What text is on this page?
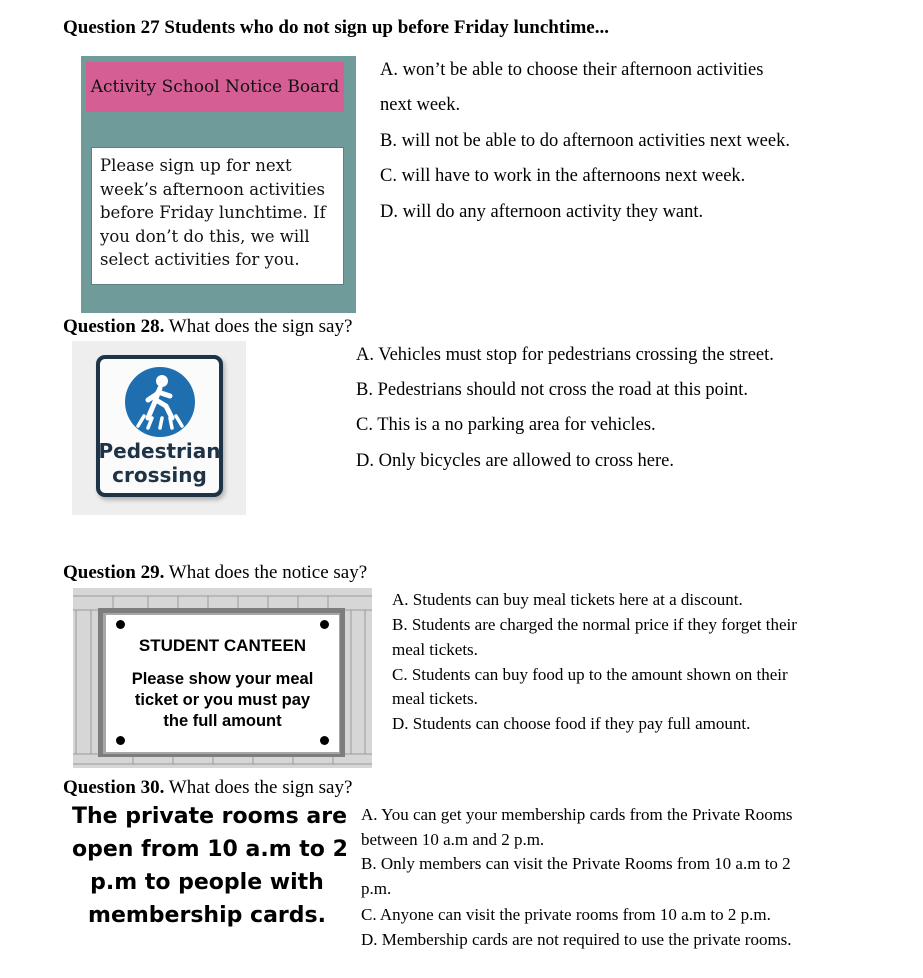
Question 27 Students who do not sign up before Friday lunchtime...
Activity School Notice Board
Please sign up for next
week’s afternoon activities
before Friday lunchtime. If
you don’t do this, we will
select activities for you.
A. won’t be able to choose their afternoon activities
next week.
B. will not be able to do afternoon activities next week.
C. will have to work in the afternoons next week.
D. will do any afternoon activity they want.
Question 28. What does the sign say?
Pedestrian
crossing
A. Vehicles must stop for pedestrians crossing the street.
B. Pedestrians should not cross the road at this point.
C. This is a no parking area for vehicles.
D. Only bicycles are allowed to cross here.
Question 29. What does the notice say?
STUDENT CANTEEN
Please show your meal
ticket or you must pay
the full amount
A. Students can buy meal tickets here at a discount.
B. Students are charged the normal price if they forget their
meal tickets.
C. Students can buy food up to the amount shown on their
meal tickets.
D. Students can choose food if they pay full amount.
Question 30. What does the sign say?
The private rooms are
open from 10 a.m to 2
p.m to people with
membership cards.
A. You can get your membership cards from the Private Rooms
between 10 a.m and 2 p.m.
B. Only members can visit the Private Rooms from 10 a.m to 2
p.m.
C. Anyone can visit the private rooms from 10 a.m to 2 p.m.
D. Membership cards are not required to use the private rooms.
